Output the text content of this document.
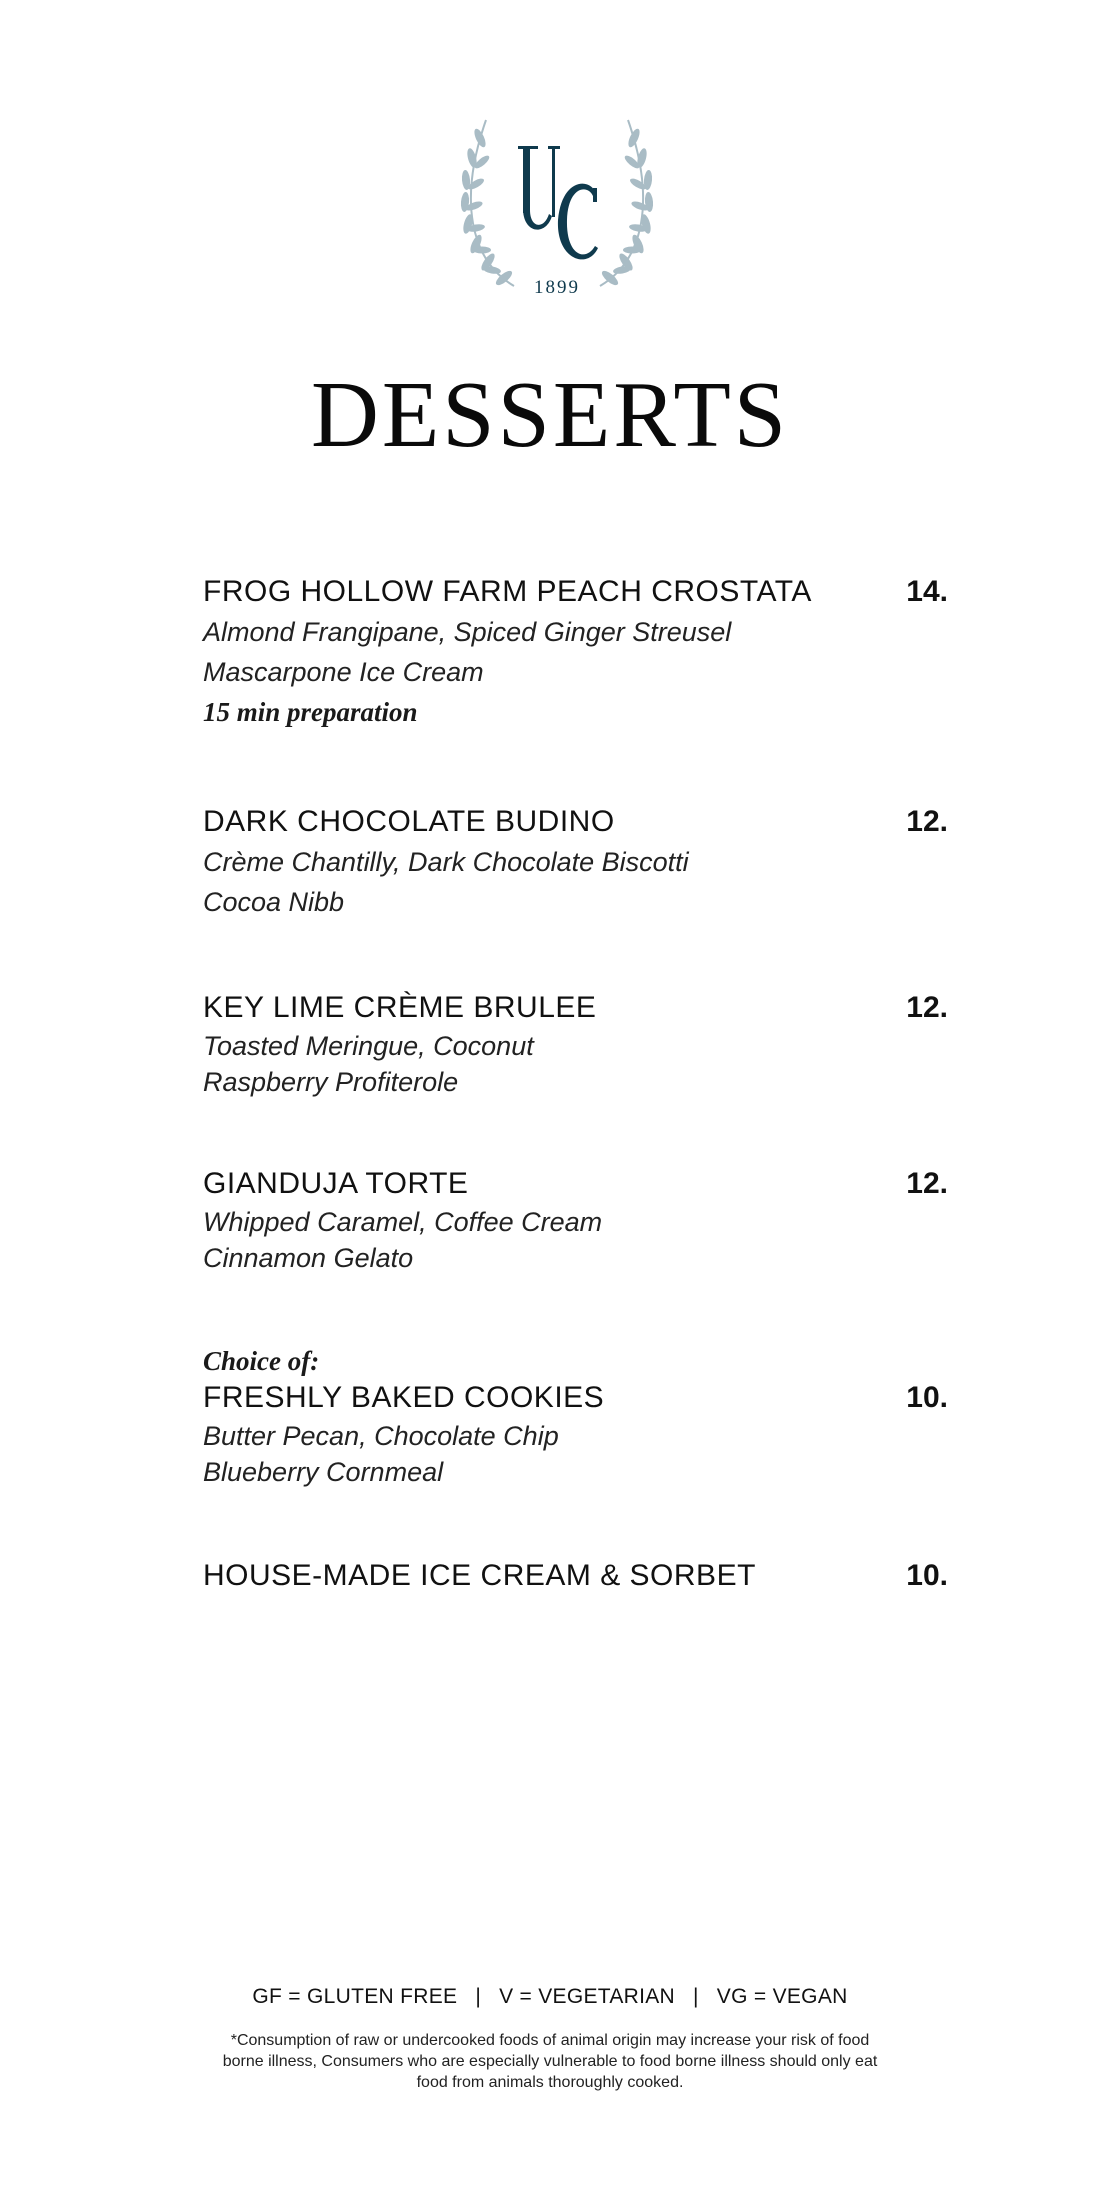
1899
DESSERTS
FROG HOLLOW FARM PEACH CROSTATA	14.
Almond Frangipane, Spiced Ginger Streusel
Mascarpone Ice Cream
15 min preparation
DARK CHOCOLATE BUDINO	12.
Crème Chantilly, Dark Chocolate Biscotti
Cocoa Nibb
KEY LIME CRÈME BRULEE	12.
Toasted Meringue, Coconut
Raspberry Profiterole
GIANDUJA TORTE	12.
Whipped Caramel, Coffee Cream
Cinnamon Gelato
Choice of:
FRESHLY BAKED COOKIES	10.
Butter Pecan, Chocolate Chip
Blueberry Cornmeal
HOUSE-MADE ICE CREAM & SORBET	10.
GF = GLUTEN FREE | V = VEGETARIAN | VG = VEGAN
*Consumption of raw or undercooked foods of animal origin may increase your risk of food borne illness, Consumers who are especially vulnerable to food borne illness should only eat food from animals thoroughly cooked.
